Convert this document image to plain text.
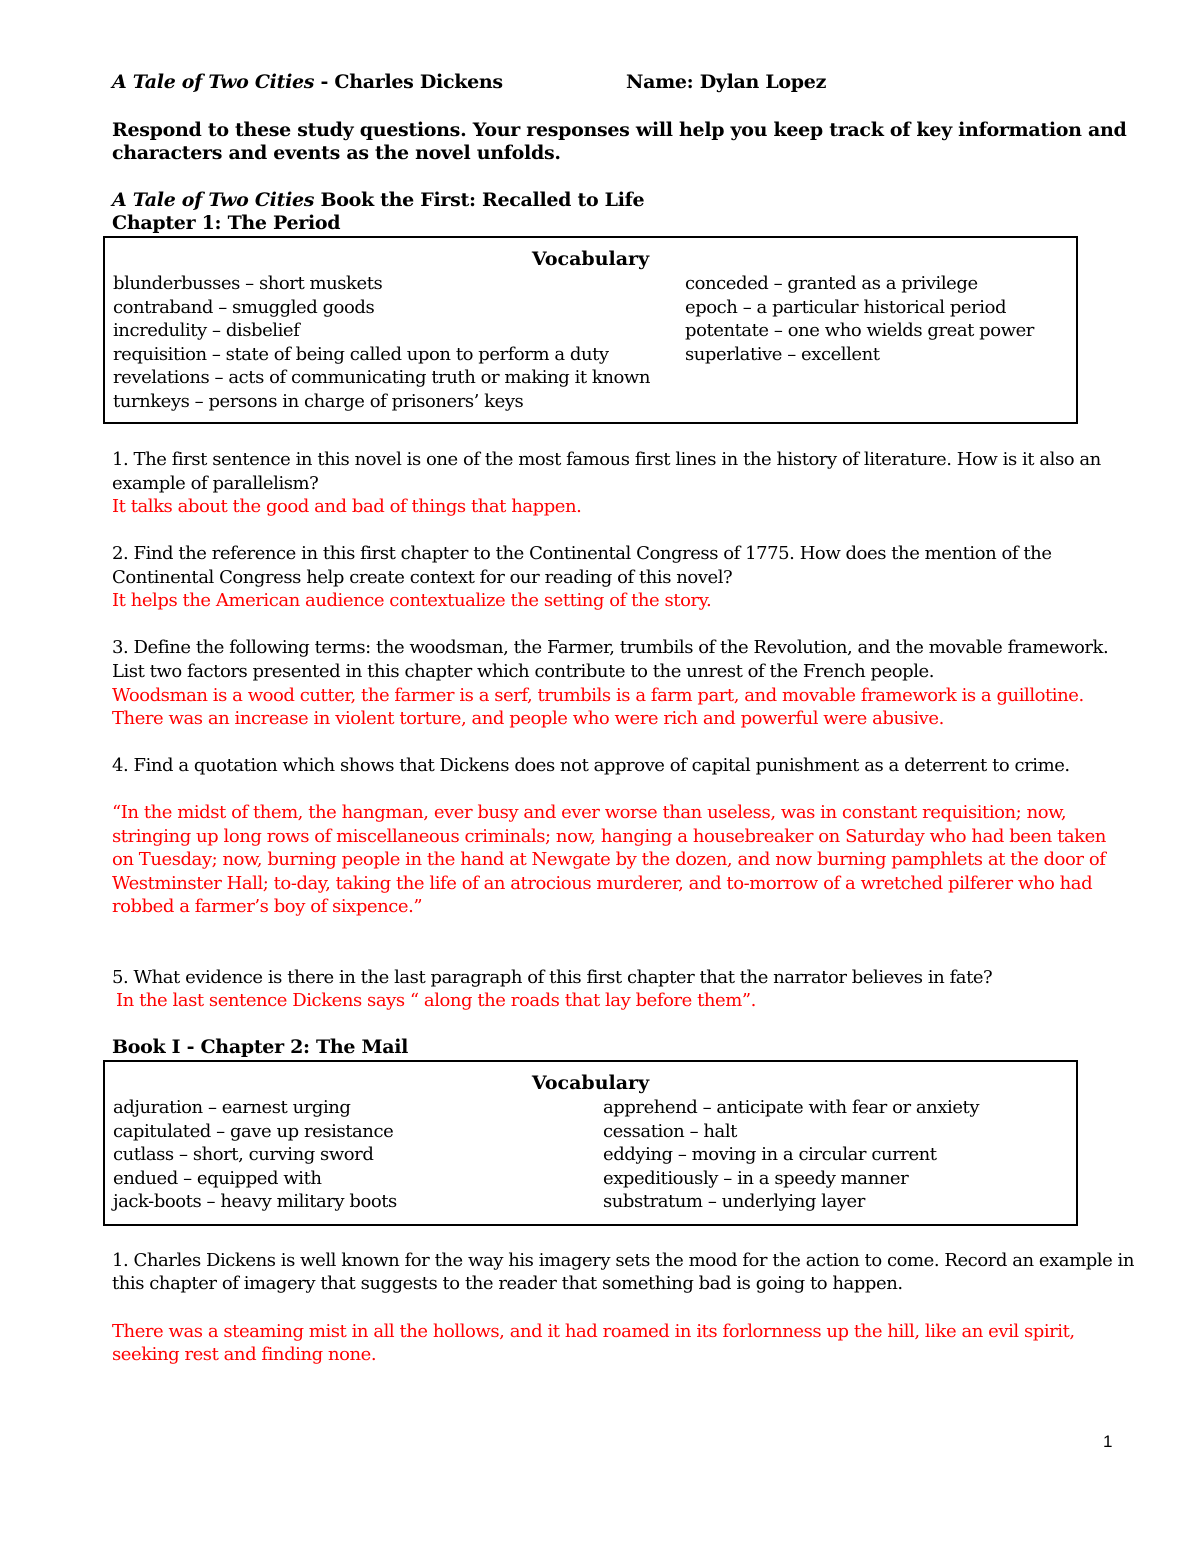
A Tale of Two Cities - Charles Dickens	Name: Dylan Lopez
Respond to these study questions. Your responses will help you keep track of key information and
characters and events as the novel unfolds.
A Tale of Two Cities Book the First: Recalled to Life
Chapter 1: The Period
Vocabulary
blunderbusses – short muskets
contraband – smuggled goods
incredulity – disbelief
requisition – state of being called upon to perform a duty
revelations – acts of communicating truth or making it known
turnkeys – persons in charge of prisoners’ keys
conceded – granted as a privilege
epoch – a particular historical period
potentate – one who wields great power
superlative – excellent
1. The first sentence in this novel is one of the most famous first lines in the history of literature. How is it also an
example of parallelism?
It talks about the good and bad of things that happen.
2. Find the reference in this first chapter to the Continental Congress of 1775. How does the mention of the
Continental Congress help create context for our reading of this novel?
It helps the American audience contextualize the setting of the story.
3. Define the following terms: the woodsman, the Farmer, trumbils of the Revolution, and the movable framework.
List two factors presented in this chapter which contribute to the unrest of the French people.
Woodsman is a wood cutter, the farmer is a serf, trumbils is a farm part, and movable framework is a guillotine.
There was an increase in violent torture, and people who were rich and powerful were abusive.
4. Find a quotation which shows that Dickens does not approve of capital punishment as a deterrent to crime.
“In the midst of them, the hangman, ever busy and ever worse than useless, was in constant requisition; now,
stringing up long rows of miscellaneous criminals; now, hanging a housebreaker on Saturday who had been taken
on Tuesday; now, burning people in the hand at Newgate by the dozen, and now burning pamphlets at the door of
Westminster Hall; to-day, taking the life of an atrocious murderer, and to-morrow of a wretched pilferer who had
robbed a farmer’s boy of sixpence.”
5. What evidence is there in the last paragraph of this first chapter that the narrator believes in fate?
In the last sentence Dickens says “ along the roads that lay before them”.
Book I - Chapter 2: The Mail
Vocabulary
adjuration – earnest urging
capitulated – gave up resistance
cutlass – short, curving sword
endued – equipped with
jack-boots – heavy military boots
apprehend – anticipate with fear or anxiety
cessation – halt
eddying – moving in a circular current
expeditiously – in a speedy manner
substratum – underlying layer
1. Charles Dickens is well known for the way his imagery sets the mood for the action to come. Record an example in
this chapter of imagery that suggests to the reader that something bad is going to happen.
There was a steaming mist in all the hollows, and it had roamed in its forlornness up the hill, like an evil spirit,
seeking rest and finding none.
1
